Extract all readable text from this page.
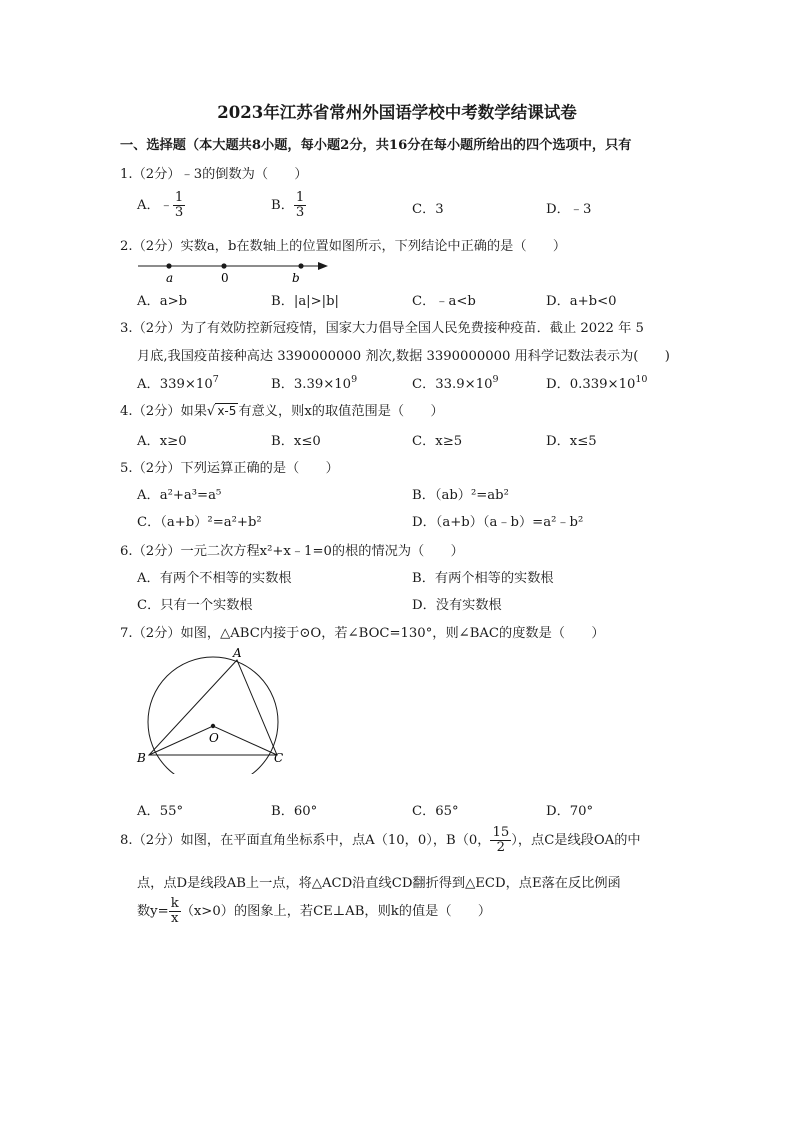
2023年江苏省常州外国语学校中考数学结课试卷
一、选择题（本大题共8小题，每小题2分，共16分在每小题所给出的四个选项中，只有
1.（2分）﹣3的倒数为（　　）
A．﹣ $\frac{1}{3}$	B． $\frac{1}{3}$	C．3	D．﹣3
2.（2分）实数a，b在数轴上的位置如图所示，下列结论中正确的是（　　）
a	0	b
A．a>b	B．|a|>|b|	C．﹣a<b	D．a+b<0
3.（2分）为了有效防控新冠疫情，国家大力倡导全国人民免费接种疫苗．截止 2022 年 5
月底,我国疫苗接种高达 3390000000 剂次,数据 3390000000 用科学记数法表示为(　　)
A．$339\times 10^7$	B．$3.39\times 10^9$	C．$33.9\times 10^9$	D．$0.339\times 10^{10}$
4.（2分）如果√ x-5 有意义，则x的取值范围是（　　）
A．x≥0	B．x≤0	C．x≥5	D．x≤5
5.（2分）下列运算正确的是（　　）
A．a²+a³=a⁵	B．（ab）²=ab²
C．（a+b）²=a²+b²	D．（a+b）（a﹣b）=a²﹣b²
6.（2分）一元二次方程x²+x﹣1=0的根的情况为（　　）
A．有两个不相等的实数根	B．有两个相等的实数根
C．只有一个实数根	D．没有实数根
7.（2分）如图，△ABC内接于⊙O，若∠BOC=130°，则∠BAC的度数是（　　）
A
B	C
O
A．55°	B．60°	C．65°	D．70°
8.（2分）如图，在平面直角坐标系中，点A（10，0），B（0， $\frac{15}{2}$ ），点C是线段OA的中
点，点D是线段AB上一点，将△ACD沿直线CD翻折得到△ECD，点E落在反比例函
数$y= \frac{k}{x} (x>0)$的图象上，若CE⊥AB，则k的值是（　　）
